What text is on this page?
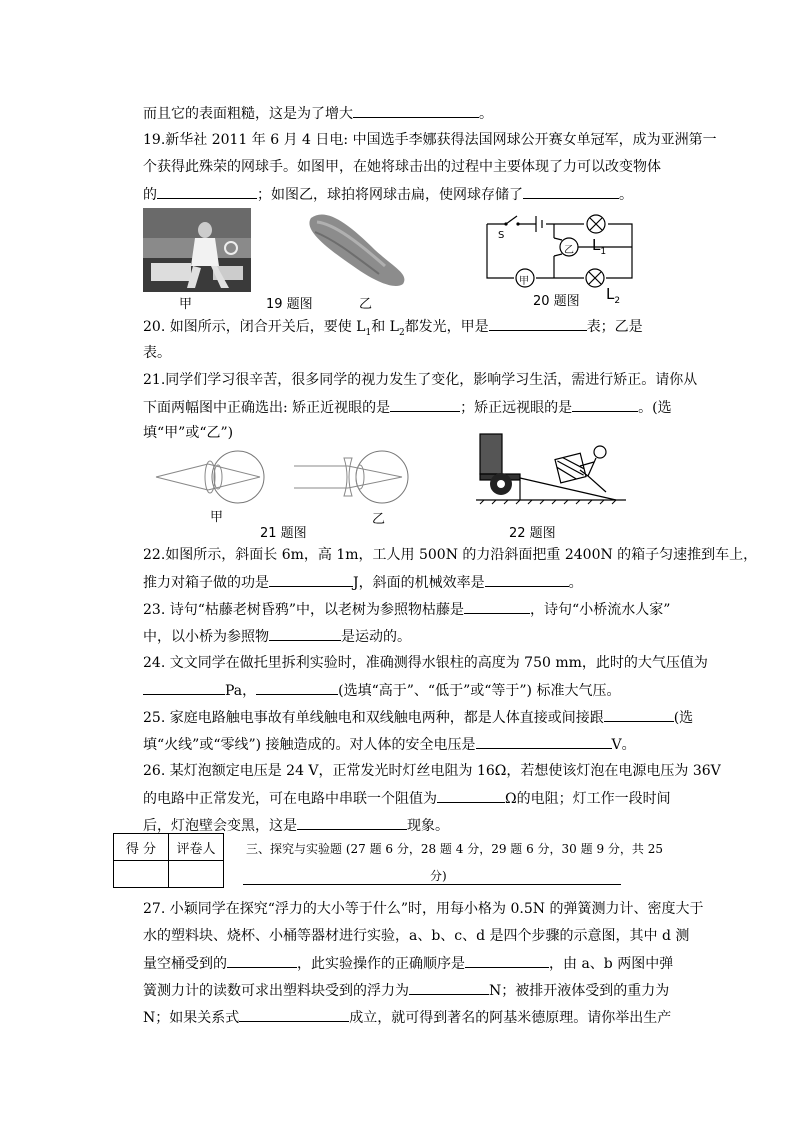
而且它的表面粗糙，这是为了增大	。
19.新华社 2011 年 6 月 4 日电: 中国选手李娜获得法国网球公开赛女单冠军，成为亚洲第一
个获得此殊荣的网球手。如图甲，在她将球击出的过程中主要体现了力可以改变物体
的	；如图乙，球拍将网球击扁，使网球存储了	。
甲	19 题图	乙
S
乙
甲
$L_1$
$L_2$
20 题图
20. 如图所示，闭合开关后，要使 $L_1$和 $L_2$都发光，甲是	表；乙是
表。
21.同学们学习很辛苦，很多同学的视力发生了变化，影响学习生活，需进行矫正。请你从
下面两幅图中正确选出: 矫正近视眼的是	；矫正远视眼的是	。(选
填“甲”或“乙”)
甲
21 题图
乙
22 题图
22.如图所示，斜面长 6m，高 1m，工人用 500N 的力沿斜面把重 2400N 的箱子匀速推到车上，
推力对箱子做的功是	J，斜面的机械效率是	。
23. 诗句“枯藤老树昏鸦”中，以老树为参照物枯藤是	，诗句“小桥流水人家”
中，以小桥为参照物	是运动的。
24. 文文同学在做托里拆利实验时，准确测得水银柱的高度为 750 mm，此时的大气压值为
Pa，	(选填“高于”、“低于”或“等于”) 标准大气压。
25. 家庭电路触电事故有单线触电和双线触电两种，都是人体直接或间接跟	(选
填“火线”或“零线”) 接触造成的。对人体的安全电压是	V。
26. 某灯泡额定电压是 24 V，正常发光时灯丝电阻为 16Ω，若想使该灯泡在电源电压为 36V
的电路中正常发光，可在电路中串联一个阻值为	Ω的电阻；灯工作一段时间
后，灯泡壁会变黑，这是	现象。
得 分	评卷人
		三、探究与实验题 (27 题 6 分，28 题 4 分，29 题 6 分，30 题 9 分，共 25
分)
27. 小颖同学在探究“浮力的大小等于什么”时，用每小格为 0.5N 的弹簧测力计、密度大于
水的塑料块、烧杯、小桶等器材进行实验，a、b、c、d 是四个步骤的示意图，其中 d 测
量空桶受到的	，此实验操作的正确顺序是	，由 a、b 两图中弹
簧测力计的读数可求出塑料块受到的浮力为	N；被排开液体受到的重力为
N；如果关系式	成立，就可得到著名的阿基米德原理。请你举出生产
